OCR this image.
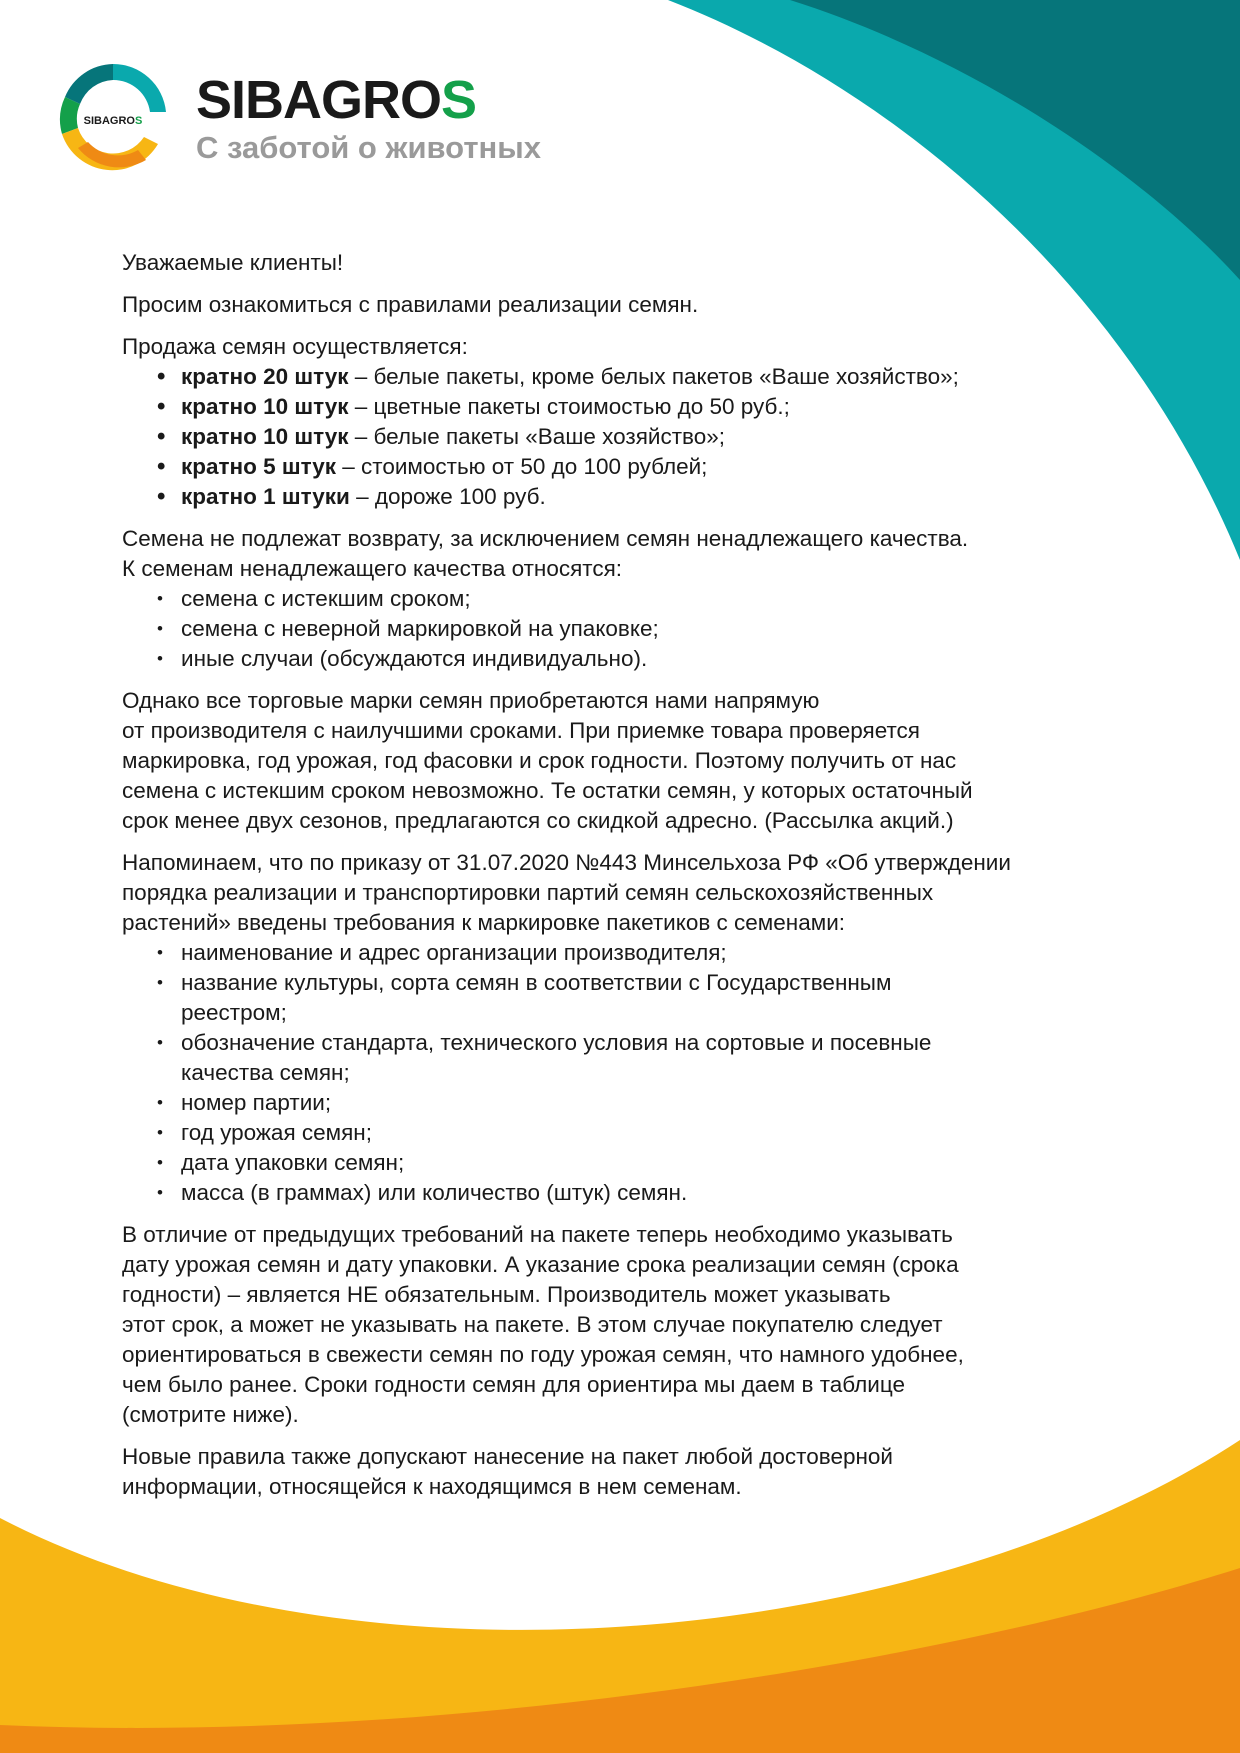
SIBAGROS SIBAGROS
С заботой о животных

Уважаемые клиенты!

Просим ознакомиться с правилами реализации семян.

Продажа семян осуществляется:

• кратно 20 штук – белые пакеты, кроме белых пакетов «Ваше хозяйство»;
• кратно 10 штук – цветные пакеты стоимостью до 50 руб.;
• кратно 10 штук – белые пакеты «Ваше хозяйство»;
• кратно 5 штук – стоимостью от 50 до 100 рублей;
• кратно 1 штуки – дороже 100 руб.

Семена не подлежат возврату, за исключением семян ненадлежащего качества.

К семенам ненадлежащего качества относятся:

• семена с истекшим сроком;
• семена с неверной маркировкой на упаковке;
• иные случаи (обсуждаются индивидуально).

Однако все торговые марки семян приобретаются нами напрямую
от производителя с наилучшими сроками. При приемке товара проверяется
маркировка, год урожая, год фасовки и срок годности. Поэтому получить от нас
семена с истекшим сроком невозможно. Те остатки семян, у которых остаточный
срок менее двух сезонов, предлагаются со скидкой адресно. (Рассылка акций.)

Напоминаем, что по приказу от 31.07.2020 №443 Минсельхоза РФ «Об утверждении
порядка реализации и транспортировки партий семян сельскохозяйственных
растений» введены требования к маркировке пакетиков с семенами:

• наименование и адрес организации производителя;
• название культуры, сорта семян в соответствии с Государственным
реестром;
• обозначение стандарта, технического условия на сортовые и посевные
качества семян;
• номер партии;
• год урожая семян;
• дата упаковки семян;
• масса (в граммах) или количество (штук) семян.

В отличие от предыдущих требований на пакете теперь необходимо указывать
дату урожая семян и дату упаковки. А указание срока реализации семян (срока
годности) – является НЕ обязательным. Производитель может указывать
этот срок, а может не указывать на пакете. В этом случае покупателю следует
ориентироваться в свежести семян по году урожая семян, что намного удобнее,
чем было ранее. Сроки годности семян для ориентира мы даем в таблице
(смотрите ниже).

Новые правила также допускают нанесение на пакет любой достоверной
информации, относящейся к находящимся в нем семенам.
